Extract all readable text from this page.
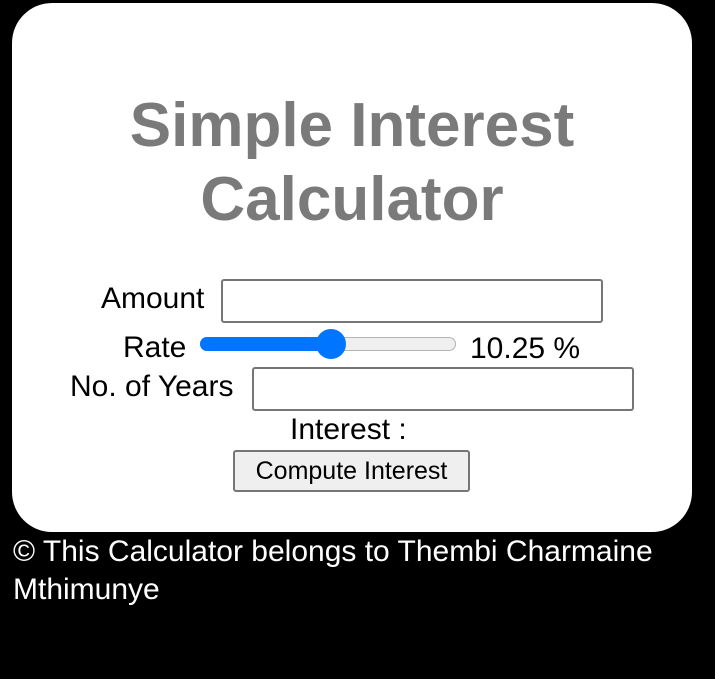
Simple Interest
Calculator
Amount
Rate	10.25 %
No. of Years
Interest :
Compute Interest
© This Calculator belongs to Thembi Charmaine Mthimunye
